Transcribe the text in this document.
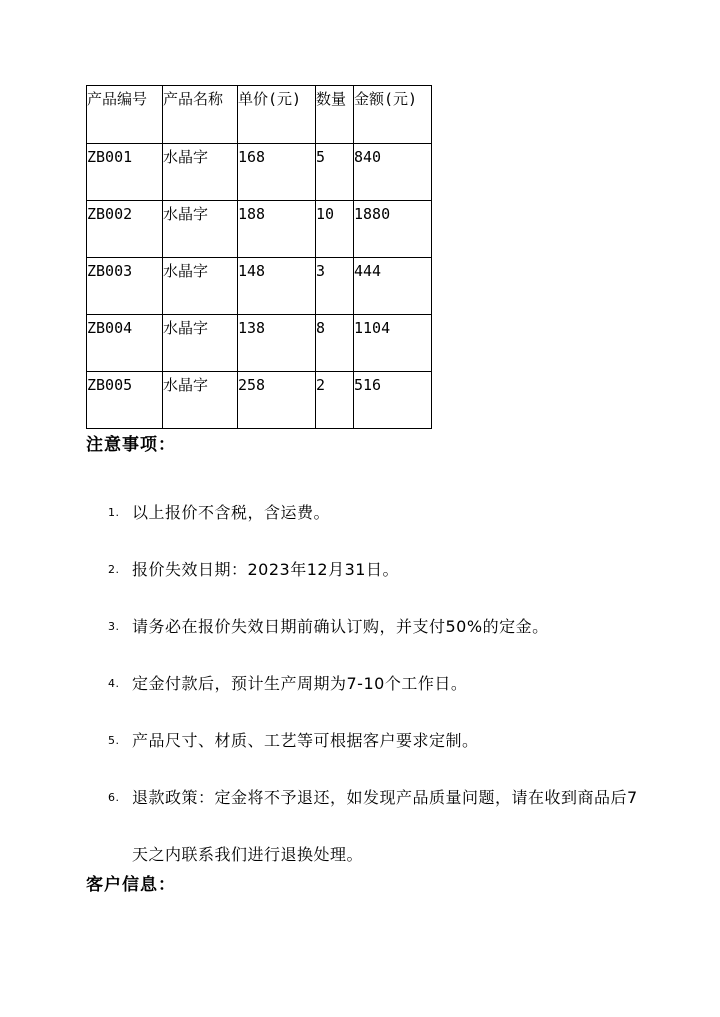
产品编号	产品名称	单价(元)	数量	金额(元)
ZB001	水晶字	168	5	840
ZB002	水晶字	188	10	1880
ZB003	水晶字	148	3	444
ZB004	水晶字	138	8	1104
ZB005	水晶字	258	2	516
注意事项：
1. 以上报价不含税，含运费。
2. 报价失效日期：2023年12月31日。
3. 请务必在报价失效日期前确认订购，并支付50%的定金。
4. 定金付款后，预计生产周期为7-10个工作日。
5. 产品尺寸、材质、工艺等可根据客户要求定制。
6. 退款政策：定金将不予退还，如发现产品质量问题，请在收到商品后7天之内联系我们进行退换处理。
客户信息：
